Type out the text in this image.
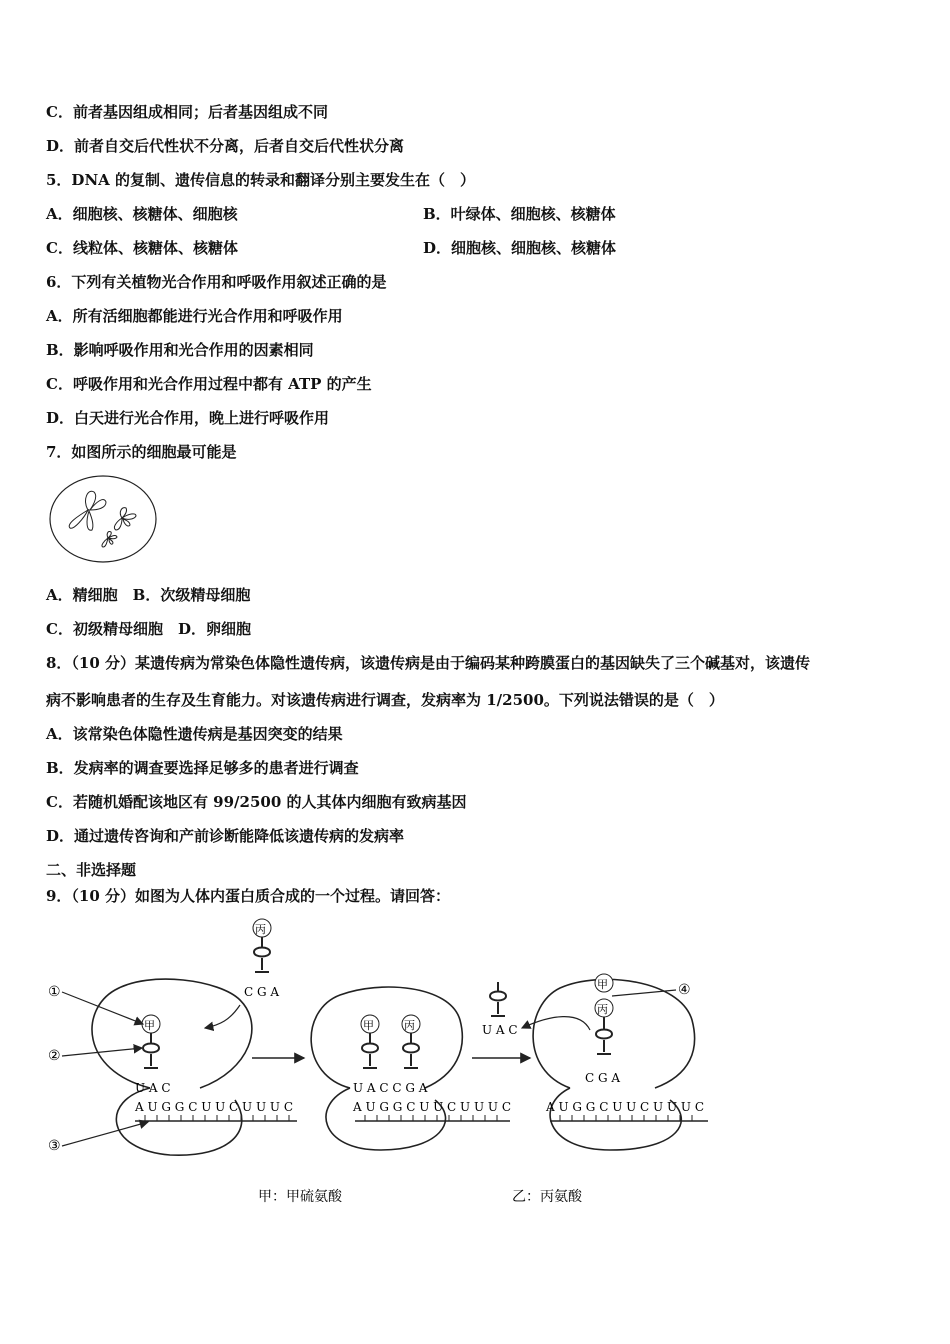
C．前者基因组成相同；后者基因组成不同
D．前者自交后代性状不分离，后者自交后代性状分离
5．DNA 的复制、遗传信息的转录和翻译分别主要发生在（　）
A．细胞核、核糖体、细胞核	B．叶绿体、细胞核、核糖体
C．线粒体、核糖体、核糖体	D．细胞核、细胞核、核糖体
6．下列有关植物光合作用和呼吸作用叙述正确的是
A．所有活细胞都能进行光合作用和呼吸作用
B．影响呼吸作用和光合作用的因素相同
C．呼吸作用和光合作用过程中都有 ATP 的产生
D．白天进行光合作用，晚上进行呼吸作用
7．如图所示的细胞最可能是
A．精细胞　B．次级精母细胞
C．初级精母细胞　D．卵细胞
8．（10 分）某遗传病为常染色体隐性遗传病，该遗传病是由于编码某种跨膜蛋白的基因缺失了三个碱基对，该遗传
病不影响患者的生存及生育能力。对该遗传病进行调查，发病率为 1/2500。下列说法错误的是（　）
A．该常染色体隐性遗传病是基因突变的结果
B．发病率的调查要选择足够多的患者进行调查
C．若随机婚配该地区有 99/2500 的人其体内细胞有致病基因
D．通过遗传咨询和产前诊断能降低该遗传病的发病率
二、非选择题
9．（10 分）如图为人体内蛋白质合成的一个过程。请回答：
A U G G C U U C U U U C
U A C
甲
丙
C G A
①
②
③
A U G G C U U C U U U C
U A C C G A
甲	丙	U A C
A U G G C U U C U U U C
C G A
甲
丙
④
甲：甲硫氨酸	乙：丙氨酸
